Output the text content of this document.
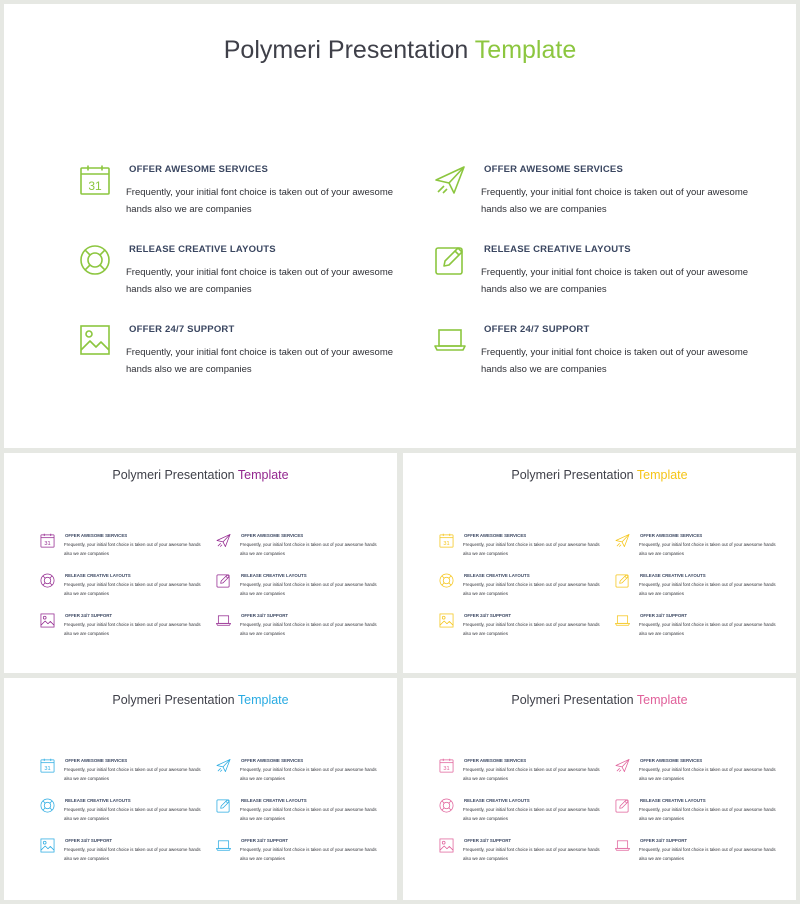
Polymeri Presentation Template
31
OFFER AWESOME SERVICES

Frequently, your initial font choice is taken out of your awesome hands also we are companies

OFFER AWESOME SERVICES

Frequently, your initial font choice is taken out of your awesome hands also we are companies

RELEASE CREATIVE LAYOUTS

Frequently, your initial font choice is taken out of your awesome hands also we are companies

RELEASE CREATIVE LAYOUTS

Frequently, your initial font choice is taken out of your awesome hands also we are companies

OFFER 24/7 SUPPORT

Frequently, your initial font choice is taken out of your awesome hands also we are companies

OFFER 24/7 SUPPORT

Frequently, your initial font choice is taken out of your awesome hands also we are companies

Polymeri Presentation Template
31
OFFER AWESOME SERVICES

Frequently, your initial font choice is taken out of your awesome hands also we are companies

OFFER AWESOME SERVICES

Frequently, your initial font choice is taken out of your awesome hands also we are companies

RELEASE CREATIVE LAYOUTS

Frequently, your initial font choice is taken out of your awesome hands also we are companies

RELEASE CREATIVE LAYOUTS

Frequently, your initial font choice is taken out of your awesome hands also we are companies

OFFER 24/7 SUPPORT

Frequently, your initial font choice is taken out of your awesome hands also we are companies

OFFER 24/7 SUPPORT

Frequently, your initial font choice is taken out of your awesome hands also we are companies

Polymeri Presentation Template
31
OFFER AWESOME SERVICES

Frequently, your initial font choice is taken out of your awesome hands also we are companies

OFFER AWESOME SERVICES

Frequently, your initial font choice is taken out of your awesome hands also we are companies

RELEASE CREATIVE LAYOUTS

Frequently, your initial font choice is taken out of your awesome hands also we are companies

RELEASE CREATIVE LAYOUTS

Frequently, your initial font choice is taken out of your awesome hands also we are companies

OFFER 24/7 SUPPORT

Frequently, your initial font choice is taken out of your awesome hands also we are companies

OFFER 24/7 SUPPORT

Frequently, your initial font choice is taken out of your awesome hands also we are companies

Polymeri Presentation Template
31
OFFER AWESOME SERVICES

Frequently, your initial font choice is taken out of your awesome hands also we are companies

OFFER AWESOME SERVICES

Frequently, your initial font choice is taken out of your awesome hands also we are companies

RELEASE CREATIVE LAYOUTS

Frequently, your initial font choice is taken out of your awesome hands also we are companies

RELEASE CREATIVE LAYOUTS

Frequently, your initial font choice is taken out of your awesome hands also we are companies

OFFER 24/7 SUPPORT

Frequently, your initial font choice is taken out of your awesome hands also we are companies

OFFER 24/7 SUPPORT

Frequently, your initial font choice is taken out of your awesome hands also we are companies

Polymeri Presentation Template
31
OFFER AWESOME SERVICES

Frequently, your initial font choice is taken out of your awesome hands also we are companies

OFFER AWESOME SERVICES

Frequently, your initial font choice is taken out of your awesome hands also we are companies

RELEASE CREATIVE LAYOUTS

Frequently, your initial font choice is taken out of your awesome hands also we are companies

RELEASE CREATIVE LAYOUTS

Frequently, your initial font choice is taken out of your awesome hands also we are companies

OFFER 24/7 SUPPORT

Frequently, your initial font choice is taken out of your awesome hands also we are companies

OFFER 24/7 SUPPORT

Frequently, your initial font choice is taken out of your awesome hands also we are companies
